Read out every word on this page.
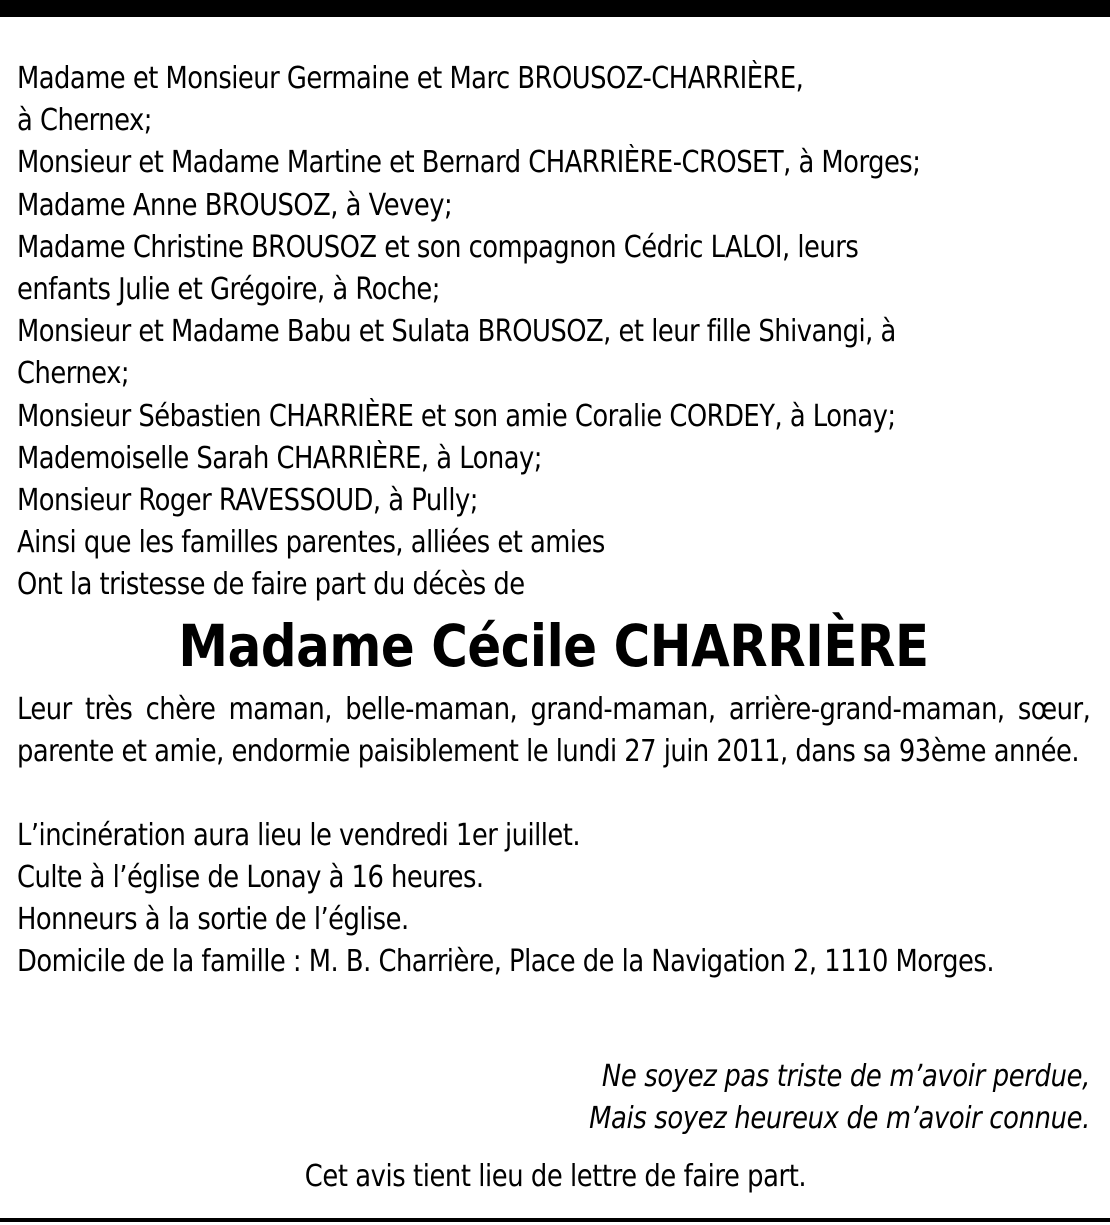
Madame et Monsieur Germaine et Marc BROUSOZ-CHARRIÈRE,
à Chernex;
Monsieur et Madame Martine et Bernard CHARRIÈRE-CROSET, à Morges;
Madame Anne BROUSOZ, à Vevey;
Madame Christine BROUSOZ et son compagnon Cédric LALOI, leurs
enfants Julie et Grégoire, à Roche;
Monsieur et Madame Babu et Sulata BROUSOZ, et leur fille Shivangi, à
Chernex;
Monsieur Sébastien CHARRIÈRE et son amie Coralie CORDEY, à Lonay;
Mademoiselle Sarah CHARRIÈRE, à Lonay;
Monsieur Roger RAVESSOUD, à Pully;
Ainsi que les familles parentes, alliées et amies
Ont la tristesse de faire part du décès de
Madame Cécile CHARRIÈRE

Leur très chère maman, belle-maman, grand-maman, arrière-grand-maman, sœur, parente et amie, endormie paisiblement le lundi 27 juin 2011, dans sa 93ème année.

L’incinération aura lieu le vendredi 1er juillet.

Culte à l’église de Lonay à 16 heures.

Honneurs à la sortie de l’église.

Domicile de la famille : M. B. Charrière, Place de la Navigation 2, 1110 Morges.

Ne soyez pas triste de m’avoir perdue,
Mais soyez heureux de m’avoir connue.
Cet avis tient lieu de lettre de faire part.
